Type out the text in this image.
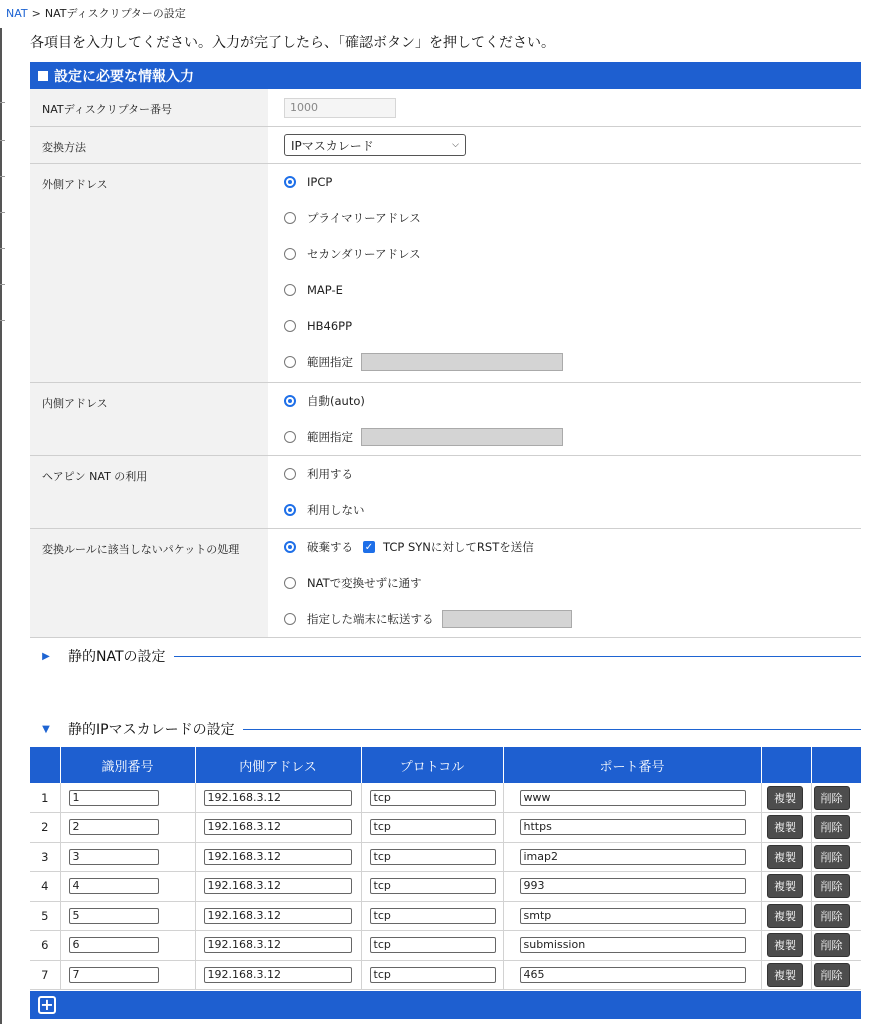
NAT > NATディスクリプターの設定
各項目を入力してください。入力が完了したら、「確認ボタン」を押してください。
設定に必要な情報入力
NATディスクリプター番号	1000
変換方法	IPマスカレード	⌵
外側アドレス	IPCP
プライマリーアドレス
セカンダリーアドレス
MAP-E
HB46PP
範囲指定
内側アドレス	自動(auto)
範囲指定
ヘアピン NAT の利用	利用する
利用しない
変換ルールに該当しないパケットの処理	破棄する ✓ TCP SYNに対してRSTを送信
NATで変換せずに通す
指定した端末に転送する
▶ 静的NATの設定
▼ 静的IPマスカレードの設定
	識別番号	内側アドレス	プロトコル	ポート番号		
1	1	192.168.3.12	tcp	www	複製	削除
2	2	192.168.3.12	tcp	https	複製	削除
3	3	192.168.3.12	tcp	imap2	複製	削除
4	4	192.168.3.12	tcp	993	複製	削除
5	5	192.168.3.12	tcp	smtp	複製	削除
6	6	192.168.3.12	tcp	submission	複製	削除
7	7	192.168.3.12	tcp	465	複製	削除
+
